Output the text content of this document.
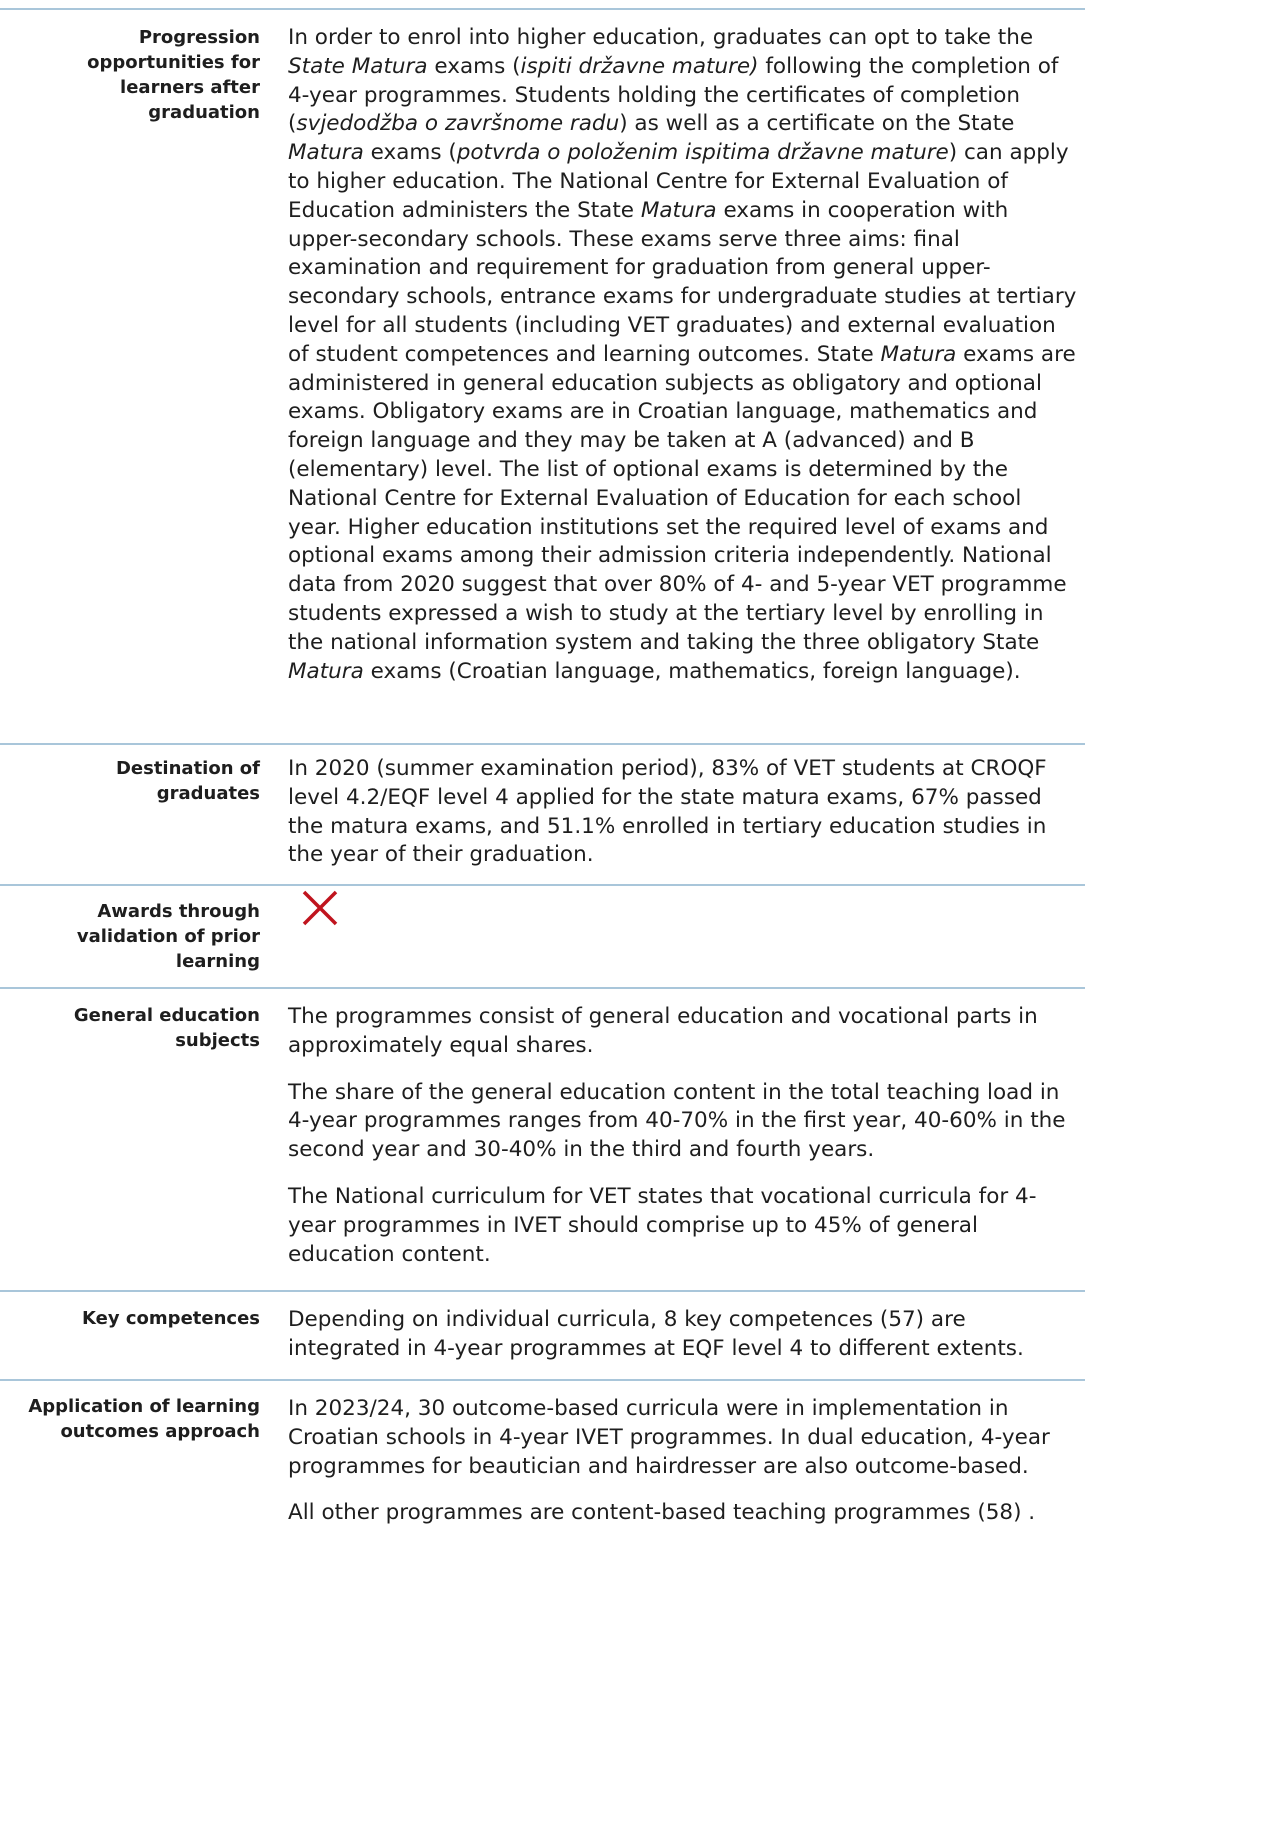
Progression opportunities for learners after graduation

In order to enrol into higher education, graduates can opt to take the State Matura exams (ispiti državne mature) following the completion of 4-year programmes. Students holding the certificates of completion (svjedodžba o završnome radu) as well as a certificate on the State Matura exams (potvrda o položenim ispitima državne mature) can apply to higher education. The National Centre for External Evaluation of Education administers the State Matura exams in cooperation with upper-secondary schools. These exams serve three aims: final examination and requirement for graduation from general upper-secondary schools, entrance exams for undergraduate studies at tertiary level for all students (including VET graduates) and external evaluation of student competences and learning outcomes. State Matura exams are administered in general education subjects as obligatory and optional exams. Obligatory exams are in Croatian language, mathematics and foreign language and they may be taken at A (advanced) and B (elementary) level. The list of optional exams is determined by the National Centre for External Evaluation of Education for each school year. Higher education institutions set the required level of exams and optional exams among their admission criteria independently. National data from 2020 suggest that over 80% of 4- and 5-year VET programme students expressed a wish to study at the tertiary level by enrolling in the national information system and taking the three obligatory State Matura exams (Croatian language, mathematics, foreign language).

Destination of graduates

In 2020 (summer examination period), 83% of VET students at CROQF level 4.2/EQF level 4 applied for the state matura exams, 67% passed the matura exams, and 51.1% enrolled in tertiary education studies in the year of their graduation.

Awards through validation of prior learning
General education subjects

The programmes consist of general education and vocational parts in approximately equal shares.

The share of the general education content in the total teaching load in 4-year programmes ranges from 40-70% in the first year, 40-60% in the second year and 30-40% in the third and fourth years.

The National curriculum for VET states that vocational curricula for 4-year programmes in IVET should comprise up to 45% of general education content.

Key competences Depending on individual curricula, 8 key competences (57) are integrated in 4-year programmes at EQF level 4 to different extents.

Application of learning outcomes approach

In 2023/24, 30 outcome-based curricula were in implementation in Croatian schools in 4-year IVET programmes. In dual education, 4-year programmes for beautician and hairdresser are also outcome-based.

All other programmes are content-based teaching programmes (58) .
